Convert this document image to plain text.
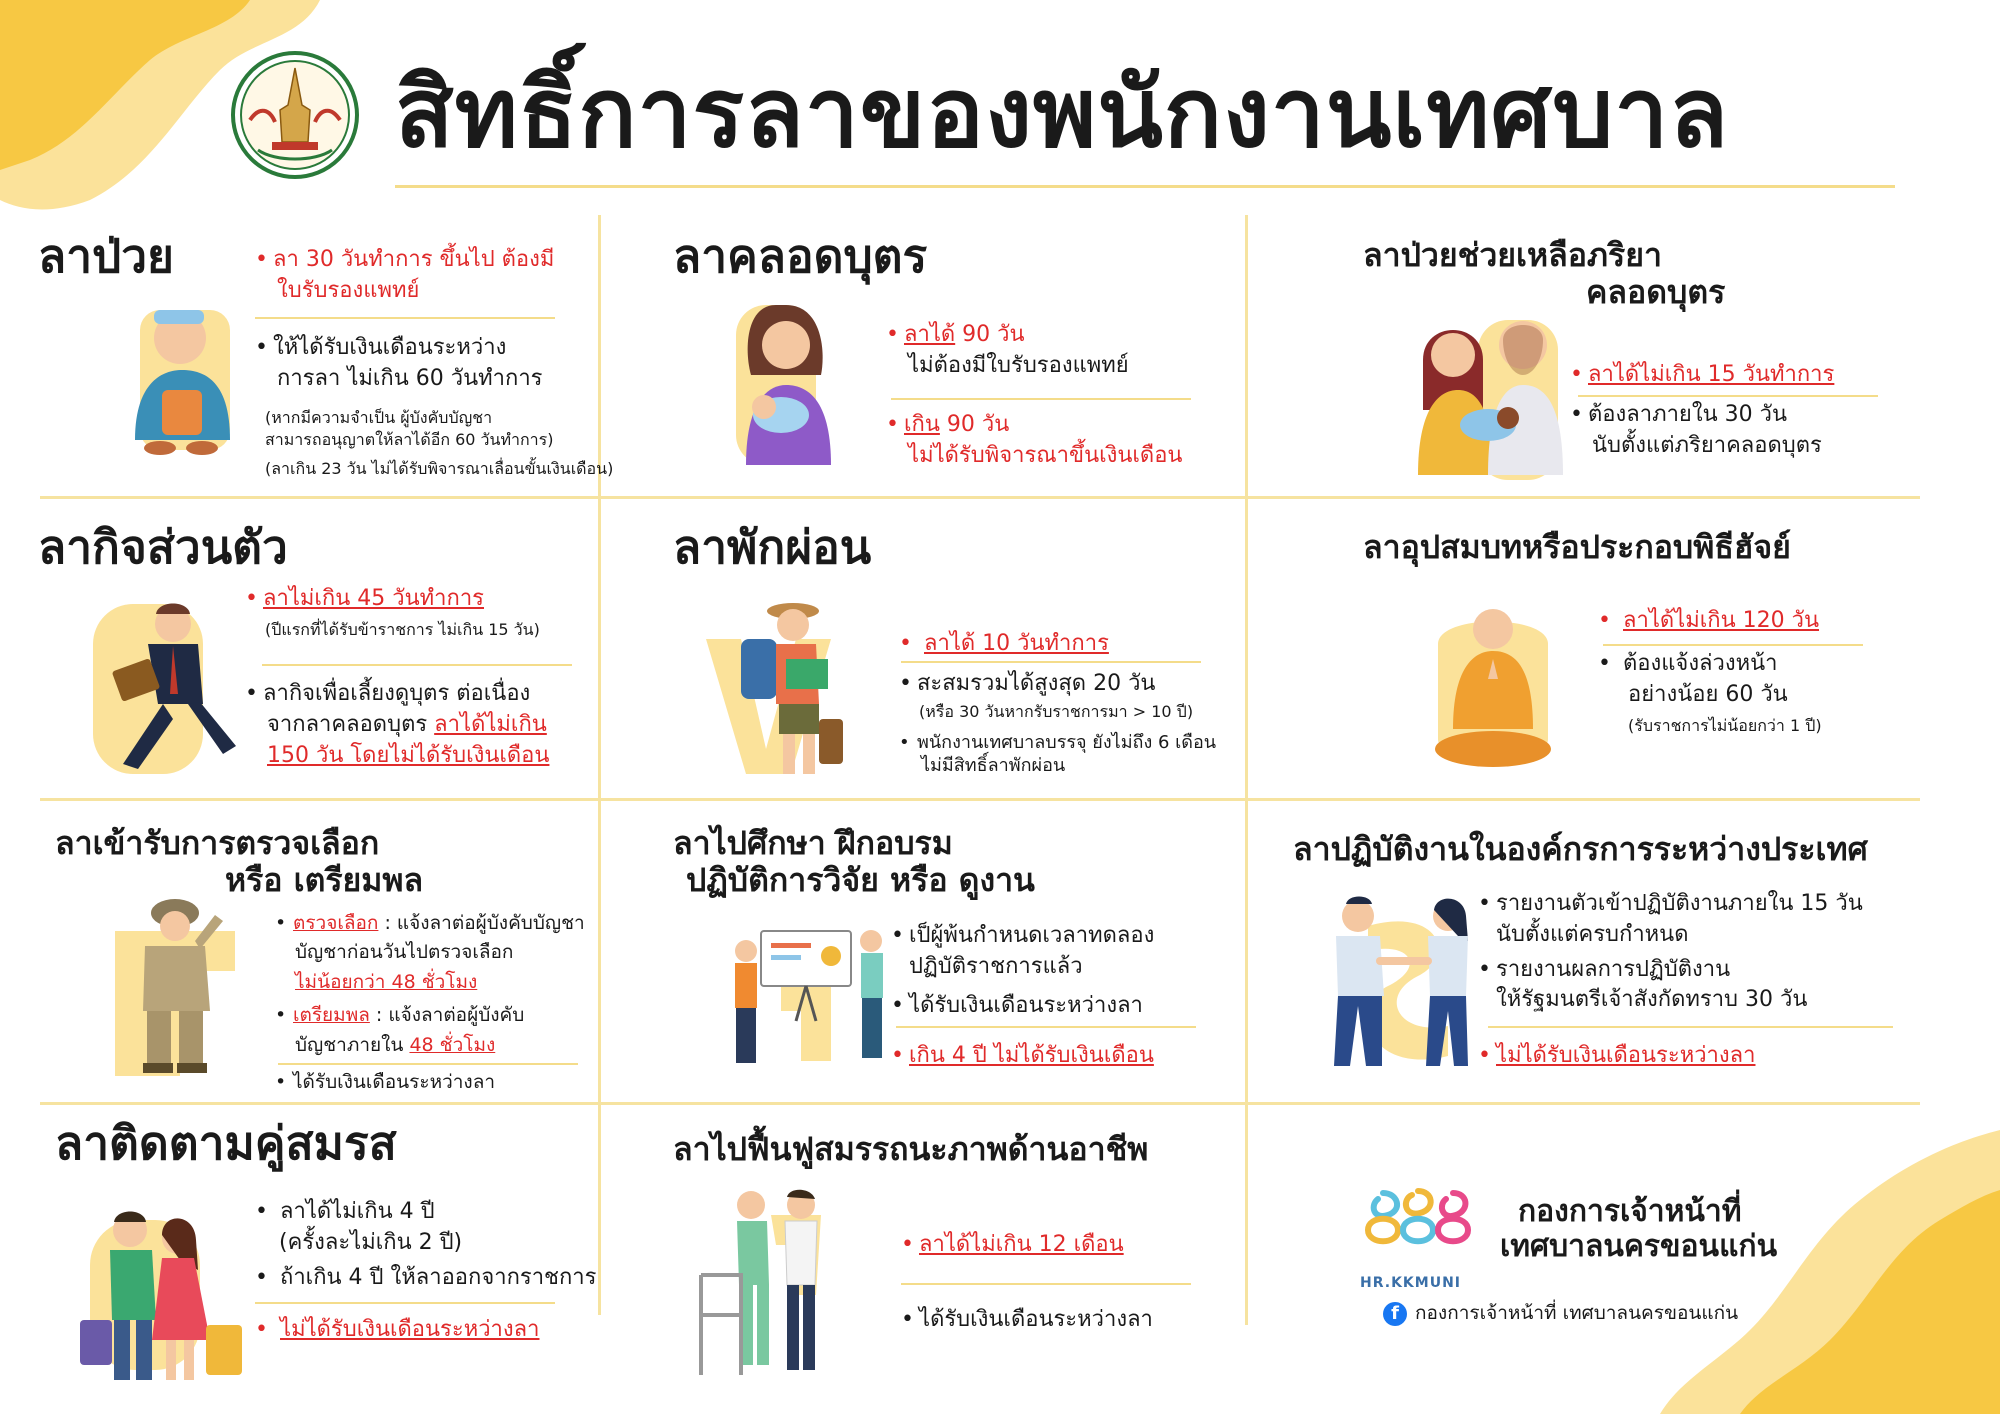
สิทธิ์การลาของพนักงานเทศบาล
ลาป่วย	• ลา 30 วันทำการ ขึ้นไป ต้องมี
ใบรับรองแพทย์
• ให้ได้รับเงินเดือนระหว่าง
การลา ไม่เกิน 60 วันทำการ
(หากมีความจำเป็น ผู้บังคับบัญชา
สามารถอนุญาตให้ลาได้อีก 60 วันทำการ)
(ลาเกิน 23 วัน ไม่ได้รับพิจารณาเลื่อนขั้นเงินเดือน)
ลาคลอดบุตร
• ลาได้ 90 วัน
ไม่ต้องมีใบรับรองแพทย์
• เกิน 90 วัน
ไม่ได้รับพิจารณาขึ้นเงินเดือน
ลาป่วยช่วยเหลือภริยา
คลอดบุตร
• ลาได้ไม่เกิน 15 วันทำการ
• ต้องลาภายใน 30 วัน
นับตั้งแต่ภริยาคลอดบุตร
ลากิจส่วนตัว
• ลาไม่เกิน 45 วันทำการ
(ปีแรกที่ได้รับข้าราชการ ไม่เกิน 15 วัน)
• ลากิจเพื่อเลี้ยงดูบุตร ต่อเนื่อง
จากลาคลอดบุตร ลาได้ไม่เกิน
150 วัน โดยไม่ได้รับเงินเดือน
ลาพักผ่อน
• ลาได้ 10 วันทำการ
• สะสมรวมได้สูงสุด 20 วัน
(หรือ 30 วันหากรับราชการมา > 10 ปี)
• พนักงานเทศบาลบรรจุ ยังไม่ถึง 6 เดือน
ไม่มีสิทธิ์ลาพักผ่อน
ลาอุปสมบทหรือประกอบพิธีฮัจย์
• ลาได้ไม่เกิน 120 วัน
• ต้องแจ้งล่วงหน้า
อย่างน้อย 60 วัน
(รับราชการไม่น้อยกว่า 1 ปี)
ลาเข้ารับการตรวจเลือก
หรือ เตรียมพล
• ตรวจเลือก : แจ้งลาต่อผู้บังคับบัญชา
บัญชาก่อนวันไปตรวจเลือก
ไม่น้อยกว่า 48 ชั่วโมง
• เตรียมพล : แจ้งลาต่อผู้บังคับ
บัญชาภายใน 48 ชั่วโมง
• ได้รับเงินเดือนระหว่างลา
ลาไปศึกษา ฝึกอบรม
ปฏิบัติการวิจัย หรือ ดูงาน
• เป็ผู้พ้นกำหนดเวลาทดลอง
ปฏิบัติราชการแล้ว
• ได้รับเงินเดือนระหว่างลา
• เกิน 4 ปี ไม่ได้รับเงินเดือน
ลาปฏิบัติงานในองค์กรการระหว่างประเทศ
• รายงานตัวเข้าปฏิบัติงานภายใน 15 วัน
นับตั้งแต่ครบกำหนด
• รายงานผลการปฏิบัติงาน
ให้รัฐมนตรีเจ้าสังกัดทราบ 30 วัน
• ไม่ได้รับเงินเดือนระหว่างลา
ลาติดตามคู่สมรส
• ลาได้ไม่เกิน 4 ปี
(ครั้งละไม่เกิน 2 ปี)
• ถ้าเกิน 4 ปี ให้ลาออกจากราชการ
• ไม่ได้รับเงินเดือนระหว่างลา
ลาไปฟื้นฟูสมรรถนะภาพด้านอาชีพ
• ลาได้ไม่เกิน 12 เดือน
• ได้รับเงินเดือนระหว่างลา
HR.KKMUNI
กองการเจ้าหน้าที่
เทศบาลนครขอนแก่น
f กองการเจ้าหน้าที่ เทศบาลนครขอนแก่น
